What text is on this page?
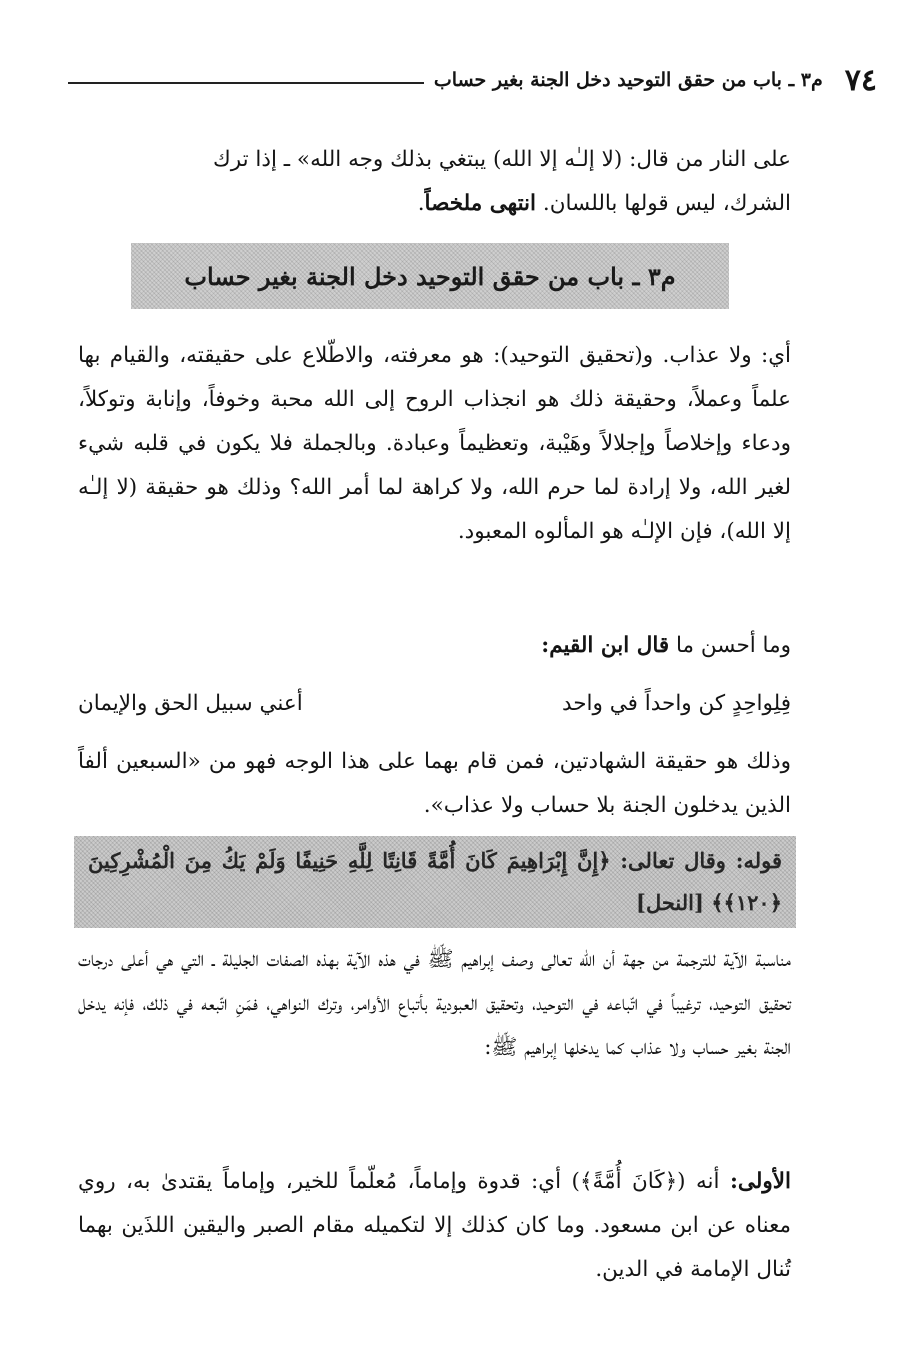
٧٤
م٣ ـ باب من حقق التوحيد دخل الجنة بغير حساب
على النار من قال: (لا إلـٰه إلا الله) يبتغي بذلك وجه الله» ـ إذا ترك
الشرك، ليس قولها باللسان. انتهى ملخصاً.
م٣ ـ باب من حقق التوحيد دخل الجنة بغير حساب
أي: ولا عذاب. و(تحقيق التوحيد): هو معرفته، والاطّلاع على حقيقته، والقيام بها علماً وعملاً، وحقيقة ذلك هو انجذاب الروح إلى الله محبة وخوفاً، وإنابة وتوكلاً، ودعاء وإخلاصاً وإجلالاً وهَيْبة، وتعظيماً وعبادة. وبالجملة فلا يكون في قلبه شيء لغير الله، ولا إرادة لما حرم الله، ولا كراهة لما أمر الله؟ وذلك هو حقيقة (لا إلـٰه إلا الله)، فإن الإلـٰه هو المألوه المعبود.
وما أحسن ما قال ابن القيم:
فِلِواحِدٍ كن واحداً في واحد
أعني سبيل الحق والإيمان
وذلك هو حقيقة الشهادتين، فمن قام بهما على هذا الوجه فهو من «السبعين ألفاً الذين يدخلون الجنة بلا حساب ولا عذاب».
قوله: وقال تعالى: ﴿إِنَّ إِبْرَاهِيمَ كَانَ أُمَّةً قَانِتًا لِلَّهِ حَنِيفًا وَلَمْ يَكُ مِنَ الْمُشْرِكِينَ ﴿١٢٠﴾﴾ [النحل]
مناسبة الآية للترجمة من جهة أن الله تعالى وصف إبراهيم ﷺ في هذه الآية بهذه الصفات الجليلة ـ التي هي أعلى درجات تحقيق التوحيد، ترغيباً في اتّباعه في التوحيد، وتحقيق العبودية بأتباع الأوامر، وترك النواهي، فمَنِ اتّبعه في ذلك، فإنه يدخل الجنة بغير حساب ولا عذاب كما يدخلها إبراهيم ﷺ:
الأولى: أنه (﴿كَانَ أُمَّةً﴾) أي: قدوة وإماماً، مُعلّماً للخير، وإماماً يقتدىٰ به، روي معناه عن ابن مسعود. وما كان كذلك إلا لتكميله مقام الصبر واليقين اللذَين بهما تُنال الإمامة في الدين.
